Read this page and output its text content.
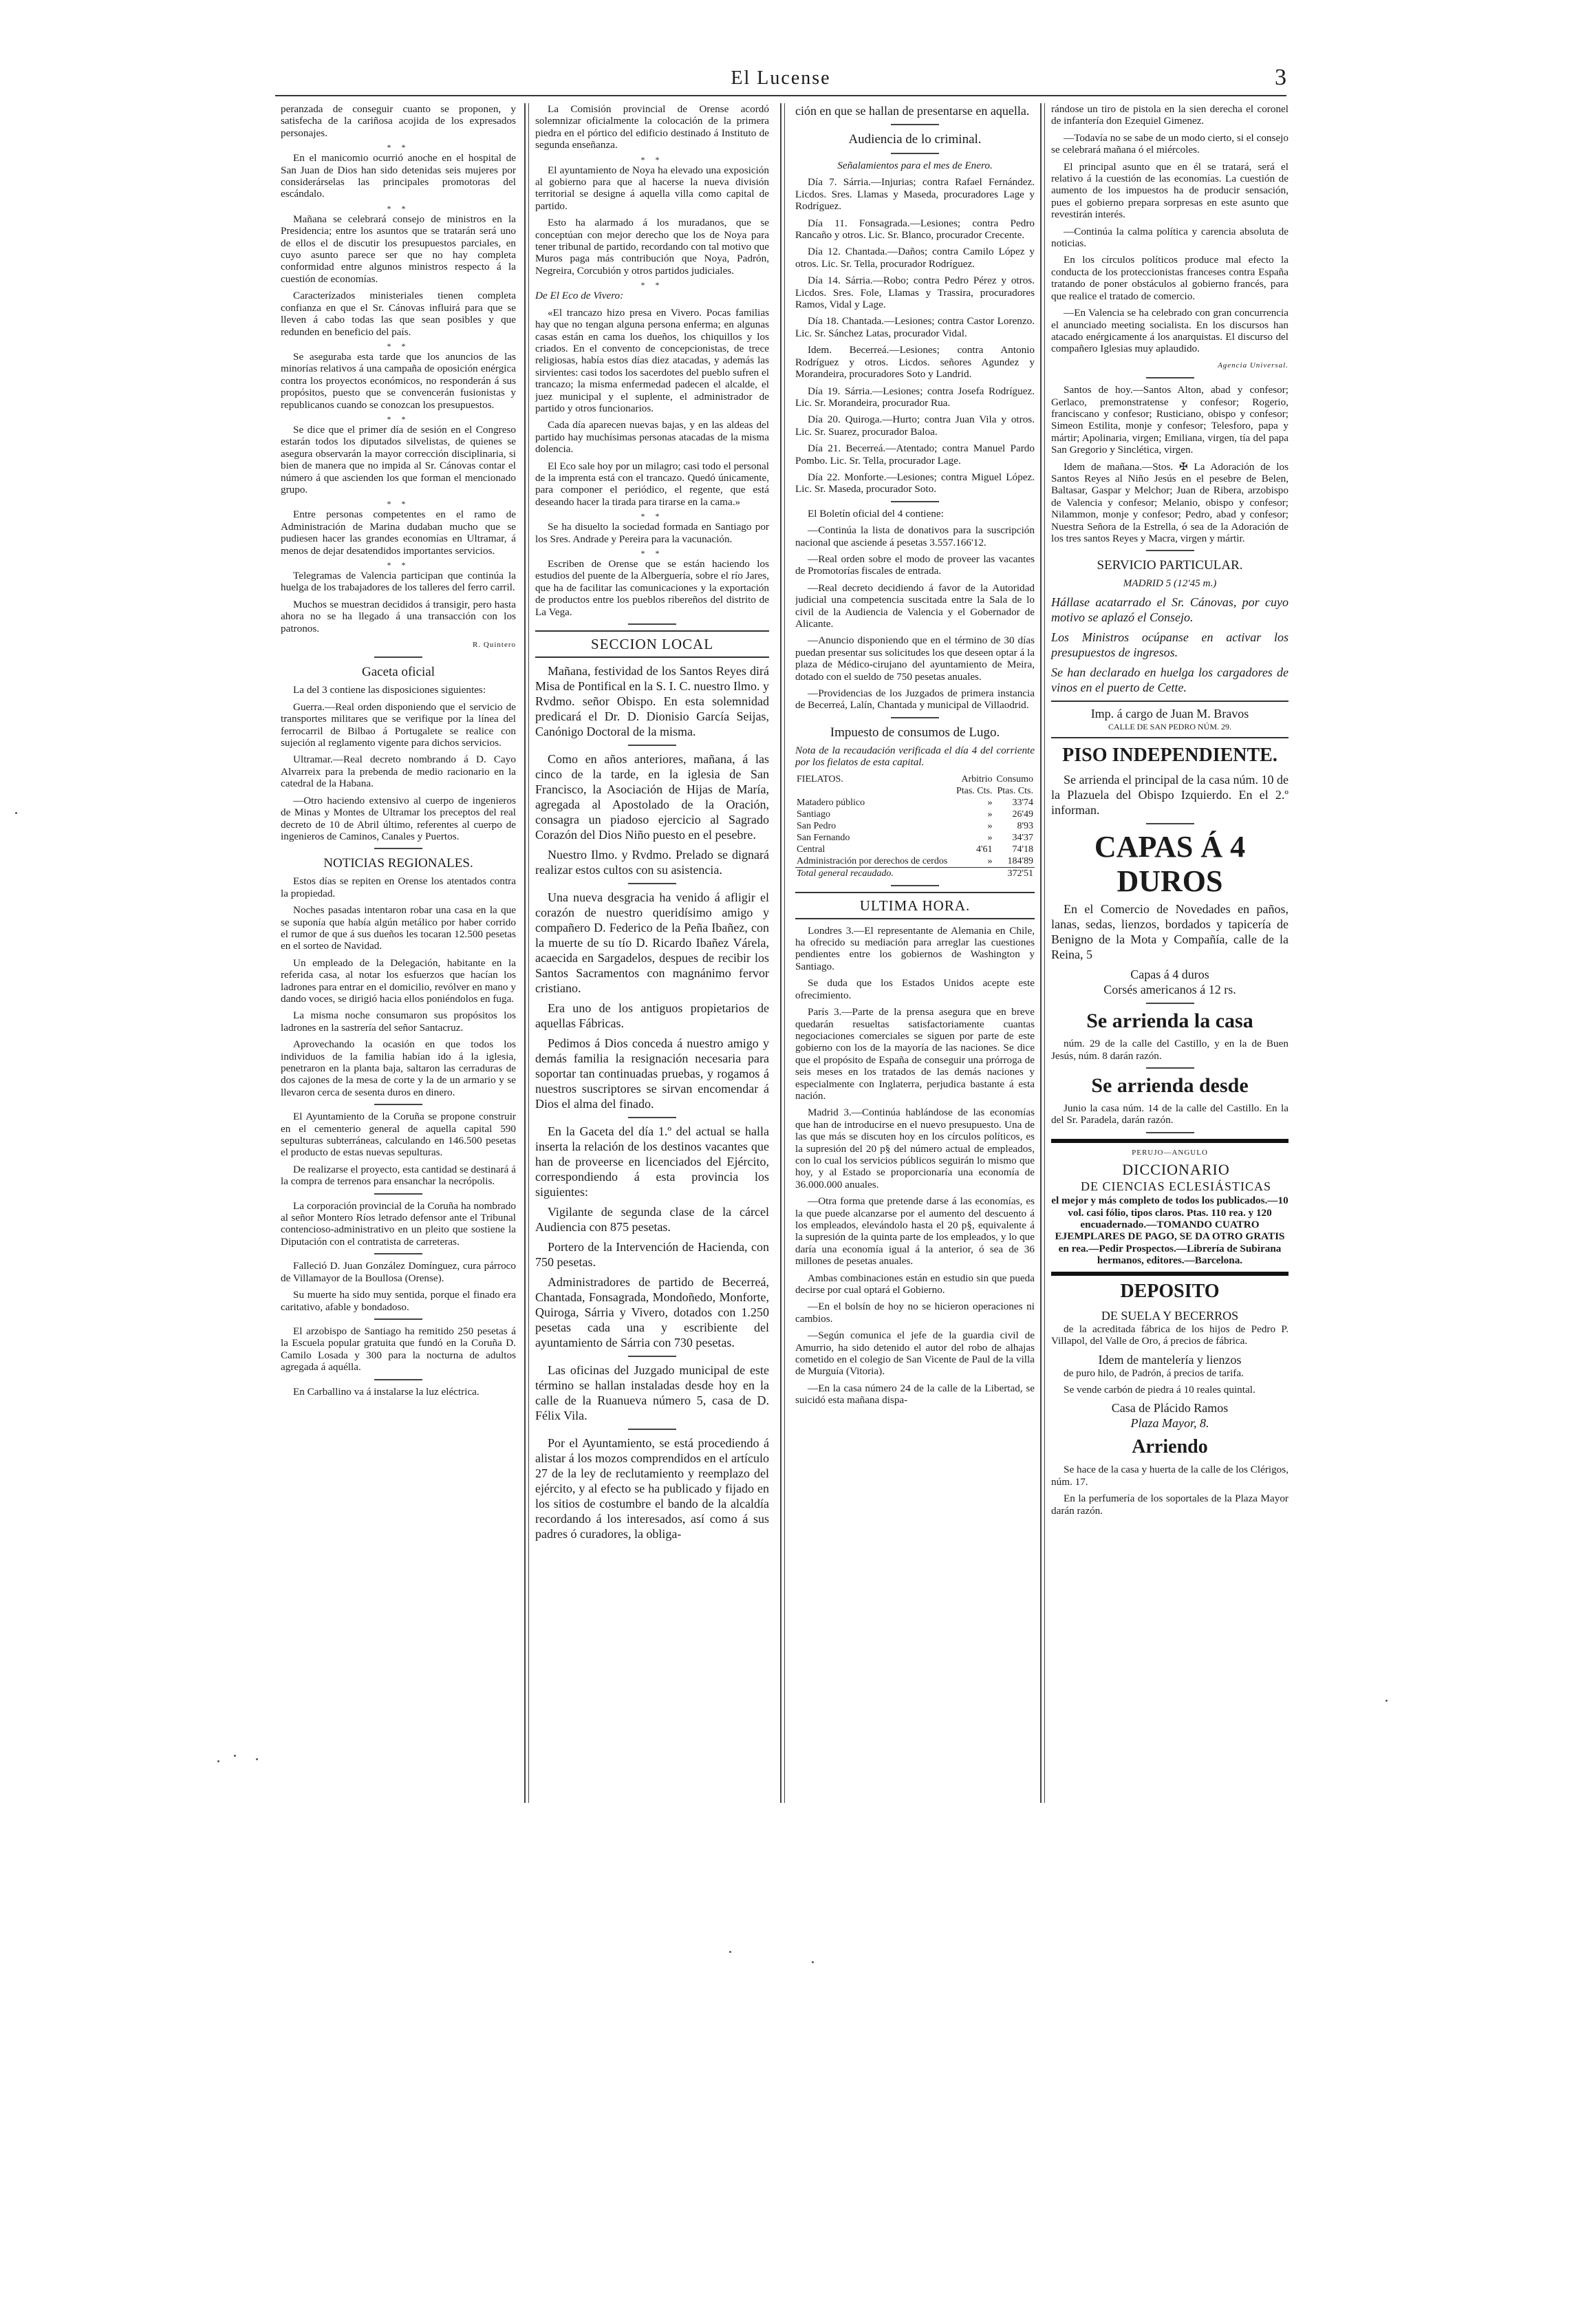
El Lucense	3

peranzada de conseguir cuanto se proponen, y satisfecha de la cariñosa acojida de los expresados personajes.

* *

En el manicomio ocurrió anoche en el hospital de San Juan de Dios han sido detenidas seis mujeres por considerárselas las principales promotoras del escándalo.

* *

Mañana se celebrará consejo de ministros en la Presidencia; entre los asuntos que se tratarán será uno de ellos el de discutir los presupuestos parciales, en cuyo asunto parece ser que no hay completa conformidad entre algunos ministros respecto á la cuestión de economías.

Caracterízados ministeriales tienen completa confianza en que el Sr. Cánovas influirá para que se lleven á cabo todas las que sean posibles y que redunden en beneficio del país.

* *

Se aseguraba esta tarde que los anuncios de las minorías relativos á una campaña de oposición enérgica contra los proyectos económicos, no responderán á sus propósitos, puesto que se convencerán fusionistas y republicanos cuando se conozcan los presupuestos.

* *

Se dice que el primer día de sesión en el Congreso estarán todos los diputados silvelistas, de quienes se asegura observarán la mayor corrección disciplinaria, si bien de manera que no impida al Sr. Cánovas contar el número á que ascienden los que forman el mencionado grupo.

* *

Entre personas competentes en el ramo de Administración de Marina dudaban mucho que se pudiesen hacer las grandes economías en Ultramar, á menos de dejar desatendidos importantes servicios.

* *

Telegramas de Valencia participan que continúa la huelga de los trabajadores de los talleres del ferro carril.

Muchos se muestran decididos á transigir, pero hasta ahora no se ha llegado á una transacción con los patronos.

R. Quintero
Gaceta oficial

La del 3 contiene las disposiciones siguientes:

Guerra.—Real orden disponiendo que el servicio de transportes militares que se verifique por la línea del ferrocarril de Bilbao á Portugalete se realice con sujeción al reglamento vigente para dichos servicios.

Ultramar.—Real decreto nombrando á D. Cayo Alvarreix para la prebenda de medio racionario en la catedral de la Habana.

—Otro haciendo extensivo al cuerpo de ingenieros de Minas y Montes de Ultramar los preceptos del real decreto de 10 de Abril último, referentes al cuerpo de ingenieros de Caminos, Canales y Puertos.

NOTICIAS REGIONALES.

Estos días se repiten en Orense los atentados contra la propiedad.

Noches pasadas intentaron robar una casa en la que se suponía que había algún metálico por haber corrido el rumor de que á sus dueños les tocaran 12.500 pesetas en el sorteo de Navidad.

Un empleado de la Delegación, habitante en la referida casa, al notar los esfuerzos que hacían los ladrones para entrar en el domicilio, revólver en mano y dando voces, se dirigió hacia ellos poniéndolos en fuga.

La misma noche consumaron sus propósitos los ladrones en la sastrería del señor Santacruz.

Aprovechando la ocasión en que todos los individuos de la familia habían ido á la iglesia, penetraron en la planta baja, saltaron las cerraduras de dos cajones de la mesa de corte y la de un armario y se llevaron cerca de sesenta duros en dinero.

El Ayuntamiento de la Coruña se propone construir en el cementerio general de aquella capital 590 sepulturas subterráneas, calculando en 146.500 pesetas el producto de estas nuevas sepulturas.

De realizarse el proyecto, esta cantidad se destinará á la compra de terrenos para ensanchar la necrópolis.

La corporación provincial de la Coruña ha nombrado al señor Montero Ríos letrado defensor ante el Tribunal contencioso-administrativo en un pleito que sostiene la Diputación con el contratista de carreteras.

Falleció D. Juan González Domínguez, cura párroco de Villamayor de la Boullosa (Orense).

Su muerte ha sido muy sentida, porque el finado era caritativo, afable y bondadoso.

El arzobispo de Santiago ha remitido 250 pesetas á la Escuela popular gratuita que fundó en la Coruña D. Camilo Losada y 300 para la nocturna de adultos agregada á aquélla.

En Carballino va á instalarse la luz eléctrica.

La Comisión provincial de Orense acordó solemnizar oficialmente la colocación de la primera piedra en el pórtico del edificio destinado á Instituto de segunda enseñanza.

* *

El ayuntamiento de Noya ha elevado una exposición al gobierno para que al hacerse la nueva división territorial se designe á aquella villa como capital de partido.

Esto ha alarmado á los muradanos, que se conceptúan con mejor derecho que los de Noya para tener tribunal de partido, recordando con tal motivo que Muros paga más contribución que Noya, Padrón, Negreira, Corcubión y otros partidos judiciales.

* *

De El Eco de Vivero:

«El trancazo hizo presa en Vivero. Pocas familias hay que no tengan alguna persona enferma; en algunas casas están en cama los dueños, los chiquillos y los criados. En el convento de concepcionistas, de trece religiosas, había estos días diez atacadas, y además las sirvientes: casi todos los sacerdotes del pueblo sufren el trancazo; la misma enfermedad padecen el alcalde, el juez municipal y el suplente, el administrador de partido y otros funcionarios.

Cada día aparecen nuevas bajas, y en las aldeas del partido hay muchísimas personas atacadas de la misma dolencia.

El Eco sale hoy por un milagro; casi todo el personal de la imprenta está con el trancazo. Quedó únicamente, para componer el periódico, el regente, que está deseando hacer la tirada para tirarse en la cama.»

* *

Se ha disuelto la sociedad formada en Santiago por los Sres. Andrade y Pereira para la vacunación.

* *

Escriben de Orense que se están haciendo los estudios del puente de la Alberguería, sobre el río Jares, que ha de facilitar las comunicaciones y la exportación de productos entre los pueblos ribereños del distrito de La Vega.

SECCION LOCAL

Mañana, festividad de los Santos Reyes dirá Misa de Pontifical en la S. I. C. nuestro Ilmo. y Rvdmo. señor Obispo. En esta solemnidad predicará el Dr. D. Dionisio García Seijas, Canónigo Doctoral de la misma.

Como en años anteriores, mañana, á las cinco de la tarde, en la iglesia de San Francisco, la Asociación de Hijas de María, agregada al Apostolado de la Oración, consagra un piadoso ejercicio al Sagrado Corazón del Dios Niño puesto en el pesebre.

Nuestro Ilmo. y Rvdmo. Prelado se dignará realizar estos cultos con su asistencia.

Una nueva desgracia ha venido á afligir el corazón de nuestro queridísimo amigo y compañero D. Federico de la Peña Ibañez, con la muerte de su tío D. Ricardo Ibañez Várela, acaecida en Sargadelos, despues de recibir los Santos Sacramentos con magnánimo fervor cristiano.

Era uno de los antiguos propietarios de aquellas Fábricas.

Pedimos á Dios conceda á nuestro amigo y demás familia la resignación necesaria para soportar tan continuadas pruebas, y rogamos á nuestros suscriptores se sirvan encomendar á Dios el alma del finado.

En la Gaceta del día 1.º del actual se halla inserta la relación de los destinos vacantes que han de proveerse en licenciados del Ejército, correspondiendo á esta provincia los siguientes:

Vigilante de segunda clase de la cárcel Audiencia con 875 pesetas.

Portero de la Intervención de Hacienda, con 750 pesetas.

Administradores de partido de Becerreá, Chantada, Fonsagrada, Mondoñedo, Monforte, Quiroga, Sárria y Vivero, dotados con 1.250 pesetas cada una y escribiente del ayuntamiento de Sárria con 730 pesetas.

Las oficinas del Juzgado municipal de este término se hallan instaladas desde hoy en la calle de la Ruanueva número 5, casa de D. Félix Vila.

Por el Ayuntamiento, se está procediendo á alistar á los mozos comprendidos en el artículo 27 de la ley de reclutamiento y reemplazo del ejército, y al efecto se ha publicado y fijado en los sitios de costumbre el bando de la alcaldía recordando á los interesados, así como á sus padres ó curadores, la obliga-

ción en que se hallan de presentarse en aquella.

Audiencia de lo criminal.

Señalamientos para el mes de Enero.

Día 7. Sárria.—Injurias; contra Rafael Fernández. Licdos. Sres. Llamas y Maseda, procuradores Lage y Rodríguez.

Día 11. Fonsagrada.—Lesiones; contra Pedro Rancaño y otros. Lic. Sr. Blanco, procurador Crecente.

Día 12. Chantada.—Daños; contra Camilo López y otros. Lic. Sr. Tella, procurador Rodríguez.

Día 14. Sárria.—Robo; contra Pedro Pérez y otros. Licdos. Sres. Fole, Llamas y Trassira, procuradores Ramos, Vidal y Lage.

Día 18. Chantada.—Lesiones; contra Castor Lorenzo. Lic. Sr. Sánchez Latas, procurador Vidal.

Idem. Becerreá.—Lesiones; contra Antonio Rodríguez y otros. Licdos. señores Agundez y Morandeira, procuradores Soto y Landrid.

Día 19. Sárria.—Lesiones; contra Josefa Rodríguez. Lic. Sr. Morandeira, procurador Rua.

Día 20. Quiroga.—Hurto; contra Juan Vila y otros. Lic. Sr. Suarez, procurador Baloa.

Día 21. Becerreá.—Atentado; contra Manuel Pardo Pombo. Lic. Sr. Tella, procurador Lage.

Día 22. Monforte.—Lesiones; contra Miguel López. Lic. Sr. Maseda, procurador Soto.

El Boletín oficial del 4 contiene:

—Continúa la lista de donativos para la suscripción nacional que asciende á pesetas 3.557.166'12.

—Real orden sobre el modo de proveer las vacantes de Promotorías fiscales de entrada.

—Real decreto decidiendo á favor de la Autoridad judicial una competencia suscitada entre la Sala de lo civil de la Audiencia de Valencia y el Gobernador de Alicante.

—Anuncio disponiendo que en el término de 30 días puedan presentar sus solicitudes los que deseen optar á la plaza de Médico-cirujano del ayuntamiento de Meira, dotado con el sueldo de 750 pesetas anuales.

—Providencias de los Juzgados de primera instancia de Becerreá, Lalín, Chantada y municipal de Villaodrid.

Impuesto de consumos de Lugo.

Nota de la recaudación verificada el día 4 del corriente por los fielatos de esta capital.

FIELATOS.	Arbitrio	Consumo
	Ptas. Cts.	Ptas. Cts.
Matadero público	»	33'74
Santiago	»	26'49
San Pedro	»	8'93
San Fernando	»	34'37
Central	4'61	74'18
Administración por derechos de cerdos	»	184'89
Total general recaudado.		372'51
ULTIMA HORA.

Londres 3.—El representante de Alemania en Chile, ha ofrecido su mediación para arreglar las cuestiones pendientes entre los gobiernos de Washington y Santiago.

Se duda que los Estados Unidos acepte este ofrecimiento.

París 3.—Parte de la prensa asegura que en breve quedarán resueltas satisfactoriamente cuantas negociaciones comerciales se siguen por parte de este gobierno con los de la mayoría de las naciones. Se dice que el propósito de España de conseguir una prórroga de seis meses en los tratados de las demás naciones y especialmente con Inglaterra, perjudica bastante á esta nación.

Madrid 3.—Continúa hablándose de las economías que han de introducirse en el nuevo presupuesto. Una de las que más se discuten hoy en los círculos políticos, es la supresión del 20 p§ del número actual de empleados, con lo cual los servicios públicos seguirán lo mismo que hoy, y al Estado se proporcionaría una economía de 36.000.000 anuales.

—Otra forma que pretende darse á las economías, es la que puede alcanzarse por el aumento del descuento á los empleados, elevándolo hasta el 20 p§, equivalente á la supresión de la quinta parte de los empleados, y lo que daría una economía igual á la anterior, ó sea de 36 millones de pesetas anuales.

Ambas combinaciones están en estudio sin que pueda decirse por cual optará el Gobierno.

—En el bolsín de hoy no se hicieron operaciones ni cambios.

—Según comunica el jefe de la guardia civil de Amurrio, ha sido detenido el autor del robo de alhajas cometido en el colegio de San Vicente de Paul de la villa de Murguía (Vitoria).

—En la casa número 24 de la calle de la Libertad, se suicidó esta mañana dispa-

rándose un tiro de pistola en la sien derecha el coronel de infantería don Ezequiel Gimenez.

—Todavía no se sabe de un modo cierto, si el consejo se celebrará mañana ó el miércoles.

El principal asunto que en él se tratará, será el relativo á la cuestión de las economías. La cuestión de aumento de los impuestos ha de producir sensación, pues el gobierno prepara sorpresas en este asunto que revestirán interés.

—Continúa la calma política y carencia absoluta de noticias.

En los círculos políticos produce mal efecto la conducta de los proteccionistas franceses contra España tratando de poner obstáculos al gobierno francés, para que realice el tratado de comercio.

—En Valencia se ha celebrado con gran concurrencia el anunciado meeting socialista. En los discursos han atacado enérgicamente á los anarquistas. El discurso del compañero Iglesias muy aplaudido.

Agencia Universal.

Santos de hoy.—Santos Alton, abad y confesor; Gerlaco, premonstratense y confesor; Rogerio, franciscano y confesor; Rusticiano, obispo y confesor; Simeon Estilita, monje y confesor; Telesforo, papa y mártir; Apolinaria, virgen; Emiliana, virgen, tía del papa San Gregorio y Sinclética, virgen.

Idem de mañana.—Stos. ✠ La Adoración de los Santos Reyes al Niño Jesús en el pesebre de Belen, Baltasar, Gaspar y Melchor; Juan de Ribera, arzobispo de Valencia y confesor; Melanio, obispo y confesor; Nilammon, monje y confesor; Pedro, abad y confesor; Nuestra Señora de la Estrella, ó sea de la Adoración de los tres santos Reyes y Macra, virgen y mártir.

SERVICIO PARTICULAR.

MADRID 5 (12'45 m.)

Hállase acatarrado el Sr. Cánovas, por cuyo motivo se aplazó el Consejo.

Los Ministros ocúpanse en activar los presupuestos de ingresos.

Se han declarado en huelga los cargadores de vinos en el puerto de Cette.

Imp. á cargo de Juan M. Bravos

CALLE DE SAN PEDRO NÚM. 29.

PISO INDEPENDIENTE.

Se arrienda el principal de la casa núm. 10 de la Plazuela del Obispo Izquierdo. En el 2.º informan.

CAPAS Á 4 DUROS

En el Comercio de Novedades en paños, lanas, sedas, lienzos, bordados y tapicería de Benigno de la Mota y Compañía, calle de la Reina, 5

Capas á 4 duros

Corsés americanos á 12 rs.

Se arrienda la casa

núm. 29 de la calle del Castillo, y en la de Buen Jesús, núm. 8 darán razón.

Se arrienda desde

Junio la casa núm. 14 de la calle del Castillo. En la del Sr. Paradela, darán razón.

PERUJO—ANGULO

DICCIONARIO

DE CIENCIAS ECLESIÁSTICAS

el mejor y más completo de todos los publicados.—10 vol. casi fólio, tipos claros. Ptas. 110 rea. y 120 encuadernado.—TOMANDO CUATRO EJEMPLARES DE PAGO, SE DA OTRO GRATIS en rea.—Pedir Prospectos.—Librería de Subirana hermanos, editores.—Barcelona.

DEPOSITO

DE SUELA Y BECERROS

de la acreditada fábrica de los hijos de Pedro P. Villapol, del Valle de Oro, á precios de fábrica.

Idem de mantelería y lienzos

de puro hilo, de Padrón, á precios de tarifa.

Se vende carbón de piedra á 10 reales quintal.

Casa de Plácido Ramos

Plaza Mayor, 8.

Arriendo

Se hace de la casa y huerta de la calle de los Clérigos, núm. 17.

En la perfumería de los soportales de la Plaza Mayor darán razón.
